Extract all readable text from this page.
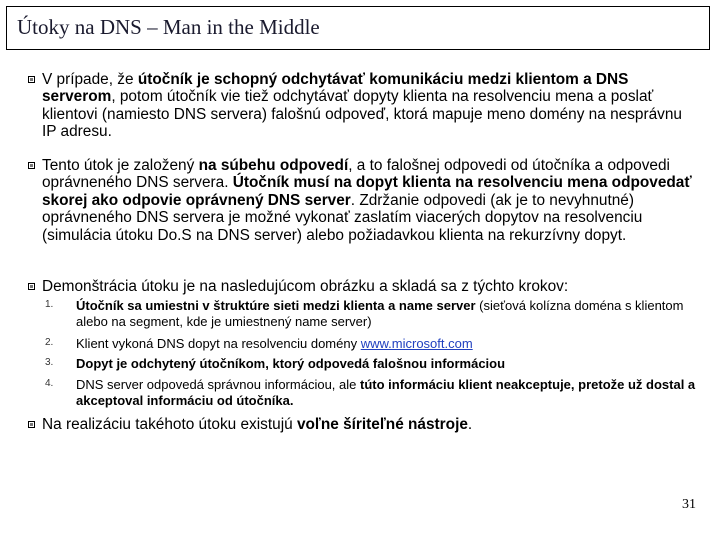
Útoky na DNS – Man in the Middle
V prípade, že útočník je schopný odchytávať komunikáciu medzi klientom a DNS serverom, potom útočník vie tiež odchytávať dopyty klienta na resolvenciu mena a poslať klientovi (namiesto DNS servera) falošnú odpoveď, ktorá mapuje meno domény na nesprávnu IP adresu.
Tento útok je založený na súbehu odpovedí, a to falošnej odpovedi od útočníka a odpovedi oprávneného DNS servera. Útočník musí na dopyt klienta na resolvenciu mena odpovedať skorej ako odpovie oprávnený DNS server. Zdržanie odpovedi (ak je to nevyhnutné) oprávneného DNS servera je možné vykonať zaslatím viacerých dopytov na resolvenciu (simulácia útoku Do.S na DNS server) alebo požiadavkou klienta na rekurzívny dopyt.
Demonštrácia útoku je na nasledujúcom obrázku a skladá sa z týchto krokov:
1. Útočník sa umiestni v štruktúre sieti medzi klienta a name server (sieťová kolízna doména s klientom alebo na segment, kde je umiestnený name server)
2. Klient vykoná DNS dopyt na resolvenciu domény www.microsoft.com
3. Dopyt je odchytený útočníkom, ktorý odpovedá falošnou informáciou
4. DNS server odpovedá správnou informáciou, ale túto informáciu klient neakceptuje, pretože už dostal a akceptoval informáciu od útočníka.
Na realizáciu takéhoto útoku existujú voľne šíriteľné nástroje.
31
